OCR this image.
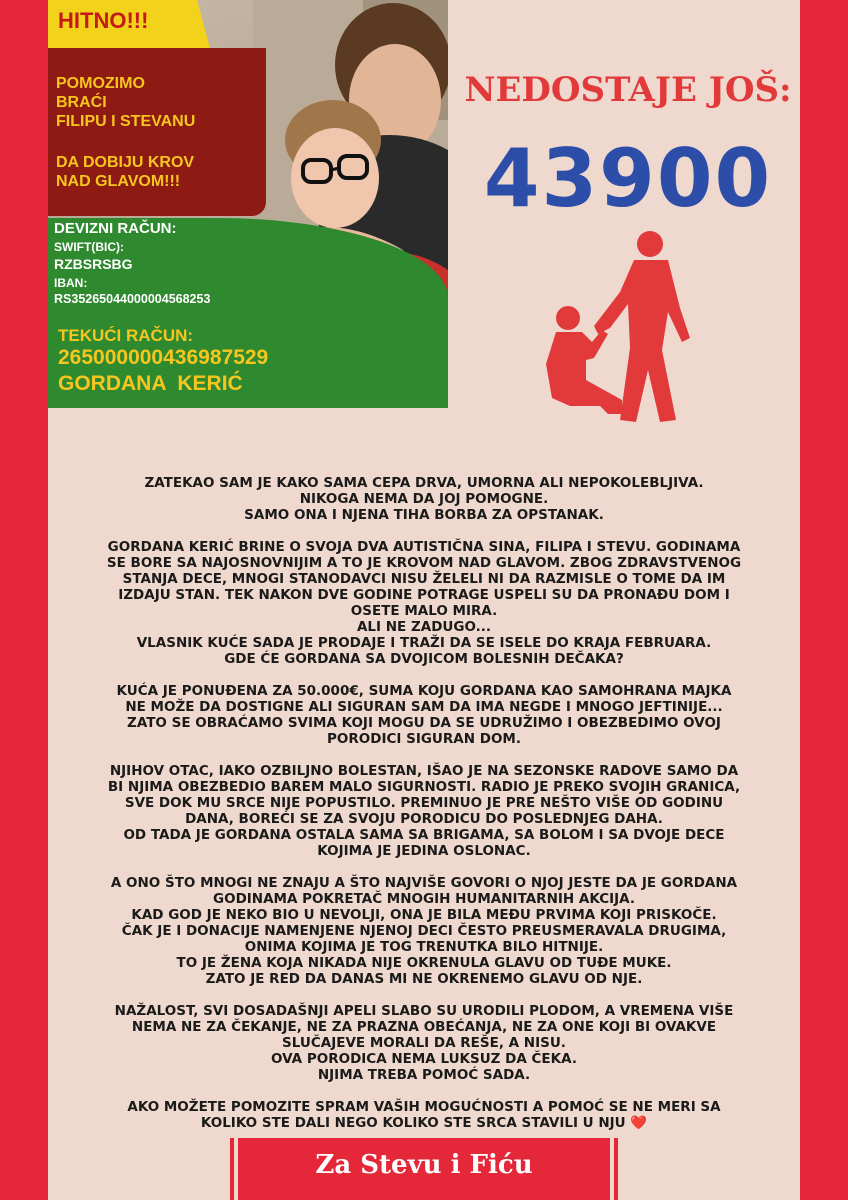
HITNO!!!
POMOZIMO
BRAĆI
FILIPU I STEVANU
DA DOBIJU KROV
NAD GLAVOM!!!
DEVIZNI RAČUN:
SWIFT(BIC):
RZBSRSBG
IBAN:
RS35265044000004568253
TEKUĆI RAČUN:
265000000436987529
GORDANA  KERIĆ
NEDOSTAJE JOŠ:
43900

ZATEKAO SAM JE KAKO SAMA CEPA DRVA, UMORNA ALI NEPOKOLEBLJIVA.

NIKOGA NEMA DA JOJ POMOGNE.

SAMO ONA I NJENA TIHA BORBA ZA OPSTANAK.

GORDANA KERIĆ BRINE O SVOJA DVA AUTISTIČNA SINA, FILIPA I STEVU. GODINAMA

SE BORE SA NAJOSNOVNIJIM A TO JE KROVOM NAD GLAVOM. ZBOG ZDRAVSTVENOG

STANJA DECE, MNOGI STANODAVCI NISU ŽELELI NI DA RAZMISLE O TOME DA IM

IZDAJU STAN. TEK NAKON DVE GODINE POTRAGE USPELI SU DA PRONAĐU DOM I

OSETE MALO MIRA.

ALI NE ZADUGO...

VLASNIK KUĆE SADA JE PRODAJE I TRAŽI DA SE ISELE DO KRAJA FEBRUARA.

GDE ĆE GORDANA SA DVOJICOM BOLESNIH DEČAKA?

KUĆA JE PONUĐENA ZA 50.000€, SUMA KOJU GORDANA KAO SAMOHRANA MAJKA

NE MOŽE DA DOSTIGNE ALI SIGURAN SAM DA IMA NEGDE I MNOGO JEFTINIJE...

ZATO SE OBRAĆAMO SVIMA KOJI MOGU DA SE UDRUŽIMO I OBEZBEDIMO OVOJ

PORODICI SIGURAN DOM.

NJIHOV OTAC, IAKO OZBILJNO BOLESTAN, IŠAO JE NA SEZONSKE RADOVE SAMO DA

BI NJIMA OBEZBEDIO BAREM MALO SIGURNOSTI. RADIO JE PREKO SVOJIH GRANICA,

SVE DOK MU SRCE NIJE POPUSTILO. PREMINUO JE PRE NEŠTO VIŠE OD GODINU

DANA, BOREĆI SE ZA SVOJU PORODICU DO POSLEDNJEG DAHA.

OD TADA JE GORDANA OSTALA SAMA SA BRIGAMA, SA BOLOM I SA DVOJE DECE

KOJIMA JE JEDINA OSLONAC.

A ONO ŠTO MNOGI NE ZNAJU A ŠTO NAJVIŠE GOVORI O NJOJ JESTE DA JE GORDANA

GODINAMA POKRETAČ MNOGIH HUMANITARNIH AKCIJA.

KAD GOD JE NEKO BIO U NEVOLJI, ONA JE BILA MEĐU PRVIMA KOJI PRISKOČE.

ČAK JE I DONACIJE NAMENJENE NJENOJ DECI ČESTO PREUSMERAVALA DRUGIMA,

ONIMA KOJIMA JE TOG TRENUTKA BILO HITNIJE.

TO JE ŽENA KOJA NIKADA NIJE OKRENULA GLAVU OD TUĐE MUKE.

ZATO JE RED DA DANAS MI NE OKRENEMO GLAVU OD NJE.

NAŽALOST, SVI DOSADAŠNJI APELI SLABO SU URODILI PLODOM, A VREMENA VIŠE

NEMA NE ZA ČEKANJE, NE ZA PRAZNA OBEĆANJA, NE ZA ONE KOJI BI OVAKVE

SLUČAJEVE MORALI DA REŠE, A NISU.

OVA PORODICA NEMA LUKSUZ DA ČEKA.

NJIMA TREBA POMOĆ SADA.

AKO MOŽETE POMOZITE SPRAM VAŠIH MOGUĆNOSTI A POMOĆ SE NE MERI SA

KOLIKO STE DALI NEGO KOLIKO STE SRCA STAVILI U NJU ❤️

Za Stevu i Fiću
